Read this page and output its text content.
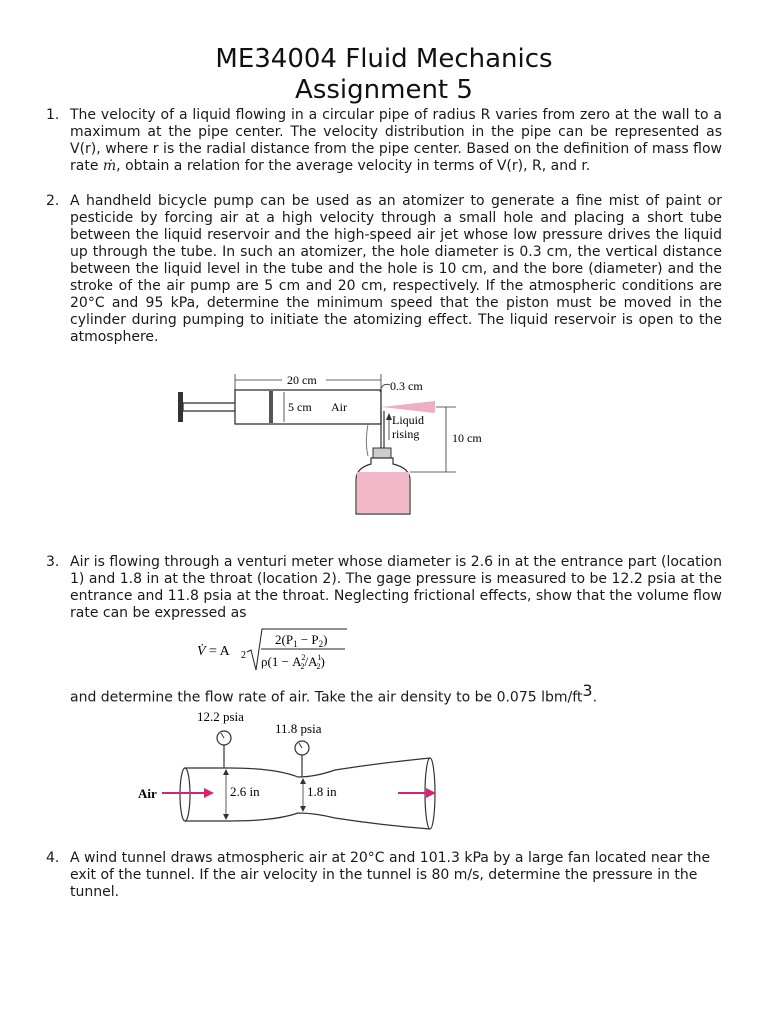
ME34004 Fluid Mechanics
Assignment 5
1. The velocity of a liquid flowing in a circular pipe of radius R varies from zero at the wall to a maximum at the pipe center. The velocity distribution in the pipe can be represented as V(r), where r is the radial distance from the pipe center. Based on the definition of mass flow rate ṁ, obtain a relation for the average velocity in terms of V(r), R, and r.
2. A handheld bicycle pump can be used as an atomizer to generate a fine mist of paint or pesticide by forcing air at a high velocity through a small hole and placing a short tube between the liquid reservoir and the high-speed air jet whose low pressure drives the liquid up through the tube. In such an atomizer, the hole diameter is 0.3 cm, the vertical distance between the liquid level in the tube and the hole is 10 cm, and the bore (diameter) and the stroke of the air pump are 5 cm and 20 cm, respectively. If the atmospheric conditions are 20°C and 95 kPa, determine the minimum speed that the piston must be moved in the cylinder during pumping to initiate the atomizing effect. The liquid reservoir is open to the atmosphere.
20 cm
5 cm Air
0.3 cm
Liquid
rising	10 cm
3. Air is flowing through a venturi meter whose diameter is 2.6 in at the entrance part (location 1) and 1.8 in at the throat (location 2). The gage pressure is measured to be 12.2 psia at the entrance and 11.8 psia at the throat. Neglecting frictional effects, show that the volume flow rate can be expressed as
V̇ = A 2
$2(P_1 - P_2)$
$\rho(1 - A^2$ $2/A^1$ 2)
and determine the flow rate of air. Take the air density to be 0.075 lbm/$ft^3$.
12.2 psia
11.8 psia
2.6 in	1.8 in
Air
4. A wind tunnel draws atmospheric air at 20°C and 101.3 kPa by a large fan located near the exit of the tunnel. If the air velocity in the tunnel is 80 m/s, determine the pressure in the tunnel.
